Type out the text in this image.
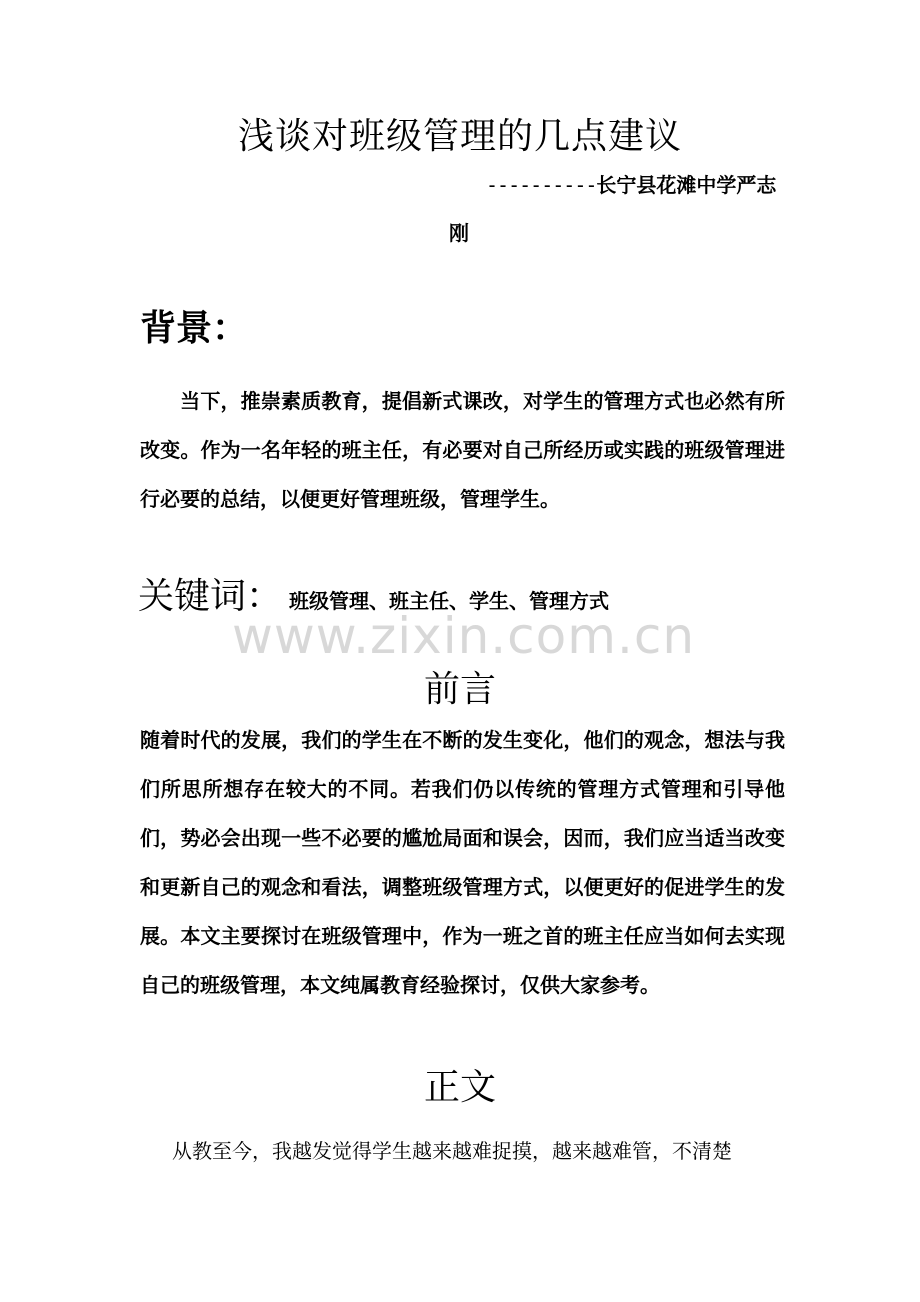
浅谈对班级管理的几点建议
----------长宁县花滩中学严志
刚
背景：
当下，推崇素质教育，提倡新式课改，对学生的管理方式也必然有所改变。作为一名年轻的班主任，有必要对自己所经历或实践的班级管理进行必要的总结，以便更好管理班级，管理学生。
关键词： 班级管理、班主任、学生、管理方式
www.zixin.com.cn
前言
随着时代的发展，我们的学生在不断的发生变化，他们的观念，想法与我们所思所想存在较大的不同。若我们仍以传统的管理方式管理和引导他们，势必会出现一些不必要的尴尬局面和误会，因而，我们应当适当改变和更新自己的观念和看法，调整班级管理方式，以便更好的促进学生的发展。本文主要探讨在班级管理中，作为一班之首的班主任应当如何去实现自己的班级管理，本文纯属教育经验探讨，仅供大家参考。
正文
从教至今，我越发觉得学生越来越难捉摸，越来越难管，不清楚
